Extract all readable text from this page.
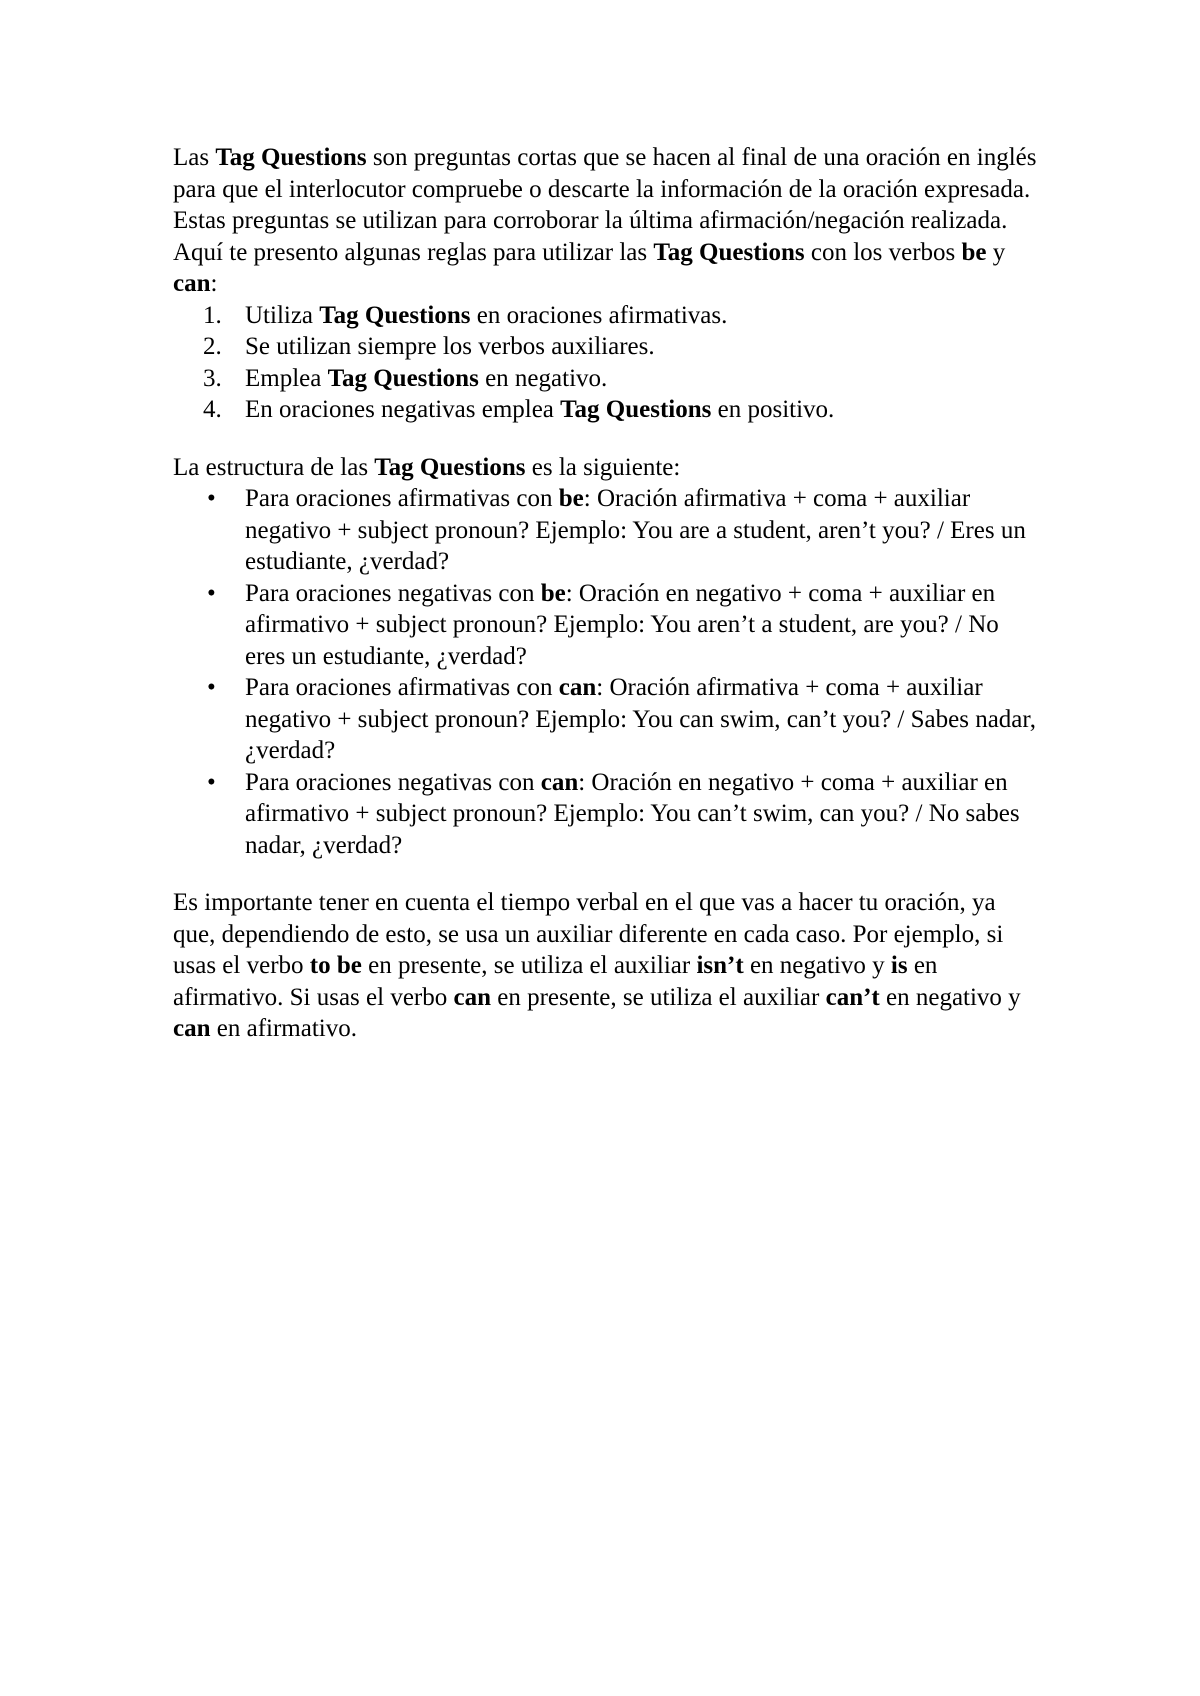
Las Tag Questions son preguntas cortas que se hacen al final de una oración en inglés para que el interlocutor compruebe o descarte la información de la oración expresada. Estas preguntas se utilizan para corroborar la última afirmación/negación realizada. Aquí te presento algunas reglas para utilizar las Tag Questions con los verbos be y can:

1. Utiliza Tag Questions en oraciones afirmativas.
2. Se utilizan siempre los verbos auxiliares.
3. Emplea Tag Questions en negativo.
4. En oraciones negativas emplea Tag Questions en positivo.

La estructura de las Tag Questions es la siguiente:

• Para oraciones afirmativas con be: Oración afirmativa + coma + auxiliar negativo + subject pronoun? Ejemplo: You are a student, aren’t you? / Eres un estudiante, ¿verdad?
• Para oraciones negativas con be: Oración en negativo + coma + auxiliar en afirmativo + subject pronoun? Ejemplo: You aren’t a student, are you? / No eres un estudiante, ¿verdad?
• Para oraciones afirmativas con can: Oración afirmativa + coma + auxiliar negativo + subject pronoun? Ejemplo: You can swim, can’t you? / Sabes nadar, ¿verdad?
• Para oraciones negativas con can: Oración en negativo + coma + auxiliar en afirmativo + subject pronoun? Ejemplo: You can’t swim, can you? / No sabes nadar, ¿verdad?

Es importante tener en cuenta el tiempo verbal en el que vas a hacer tu oración, ya que, dependiendo de esto, se usa un auxiliar diferente en cada caso. Por ejemplo, si usas el verbo to be en presente, se utiliza el auxiliar isn’t en negativo y is en afirmativo. Si usas el verbo can en presente, se utiliza el auxiliar can’t en negativo y can en afirmativo.
